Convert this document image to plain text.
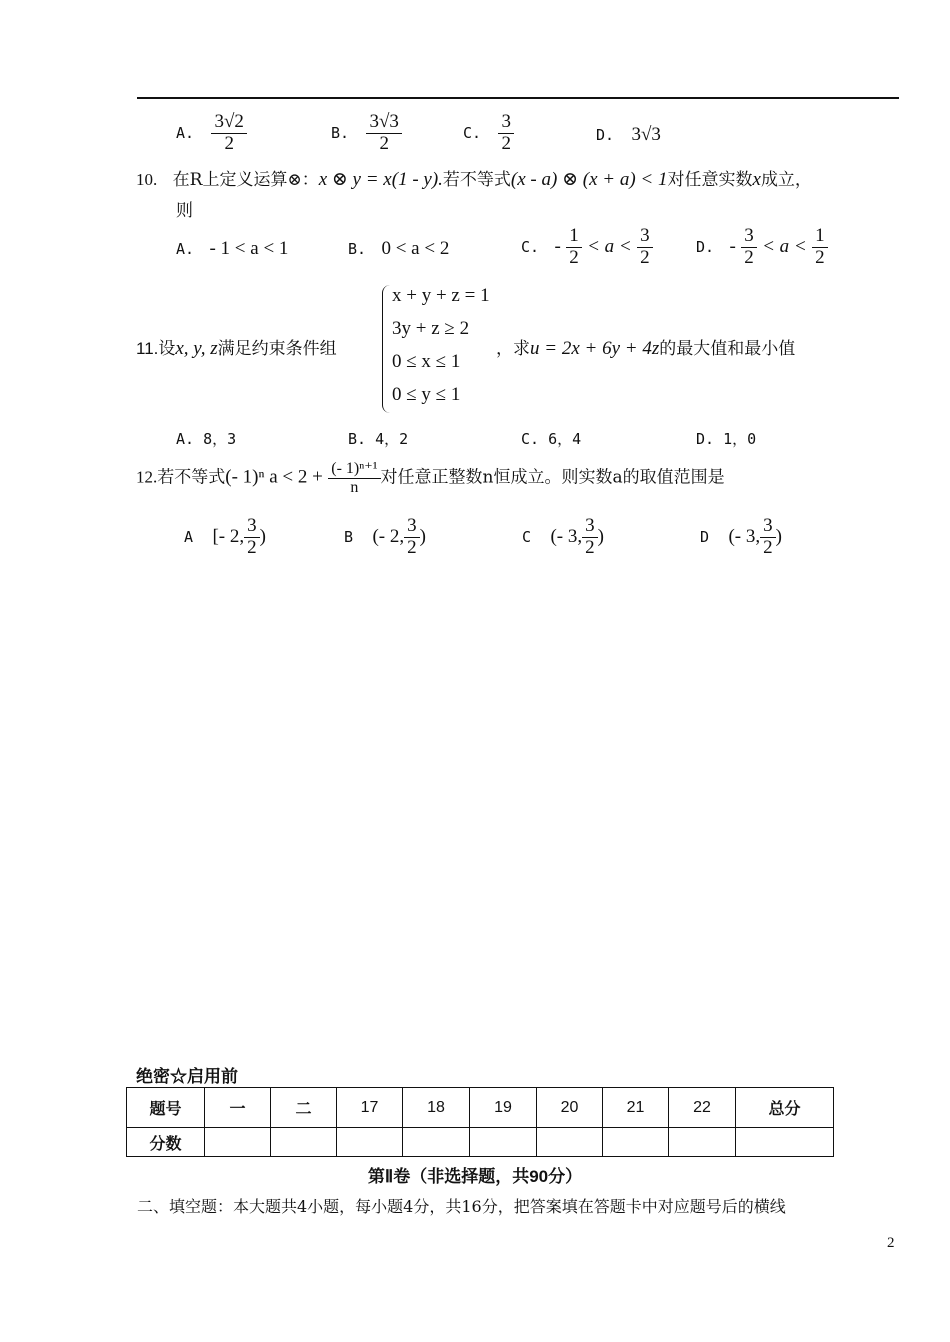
A. $\frac{3√2}{2}$	B. $\frac{3√3}{2}$	C. $\frac{3}{2}$	D. 3√3
10. 在R上定义运算⊗：x ⊗ y = x(1 - y).若不等式(x - a) ⊗ (x + a) < 1对任意实数x成立，
则
A. - 1 < a < 1	B. 0 < a < 2	C. - $\frac{1}{2} < a < \frac{3}{2}$	D. - $\frac{3}{2} < a < \frac{1}{2}$
11.设x, y, z满足约束条件组
x + y + z = 1
3y + z ≥ 2
0 ≤ x ≤ 1
0 ≤ y ≤ 1
，求u = 2x + 6y + 4z的最大值和最小值
A. 8，3	B. 4，2	C. 6，4	D. 1，0
12.若不等式(- 1)ⁿ $a < 2 + \frac{\text{(- 1)ⁿ⁺¹}}{n}$ 对任意正整数n恒成立。则实数a的取值范围是
A [- 2, $\frac{3}{2}$ )	B (- 2, $\frac{3}{2}$ )	C (- 3, $\frac{3}{2}$ )	D (- 3, $\frac{3}{2}$ )
绝密☆启用前
题号	一	二	17	18	19	20	21	22	总分
分数									
第Ⅱ卷（非选择题，共90分）
二、填空题：本大题共4小题，每小题4分，共16分，把答案填在答题卡中对应题号后的横线
2
